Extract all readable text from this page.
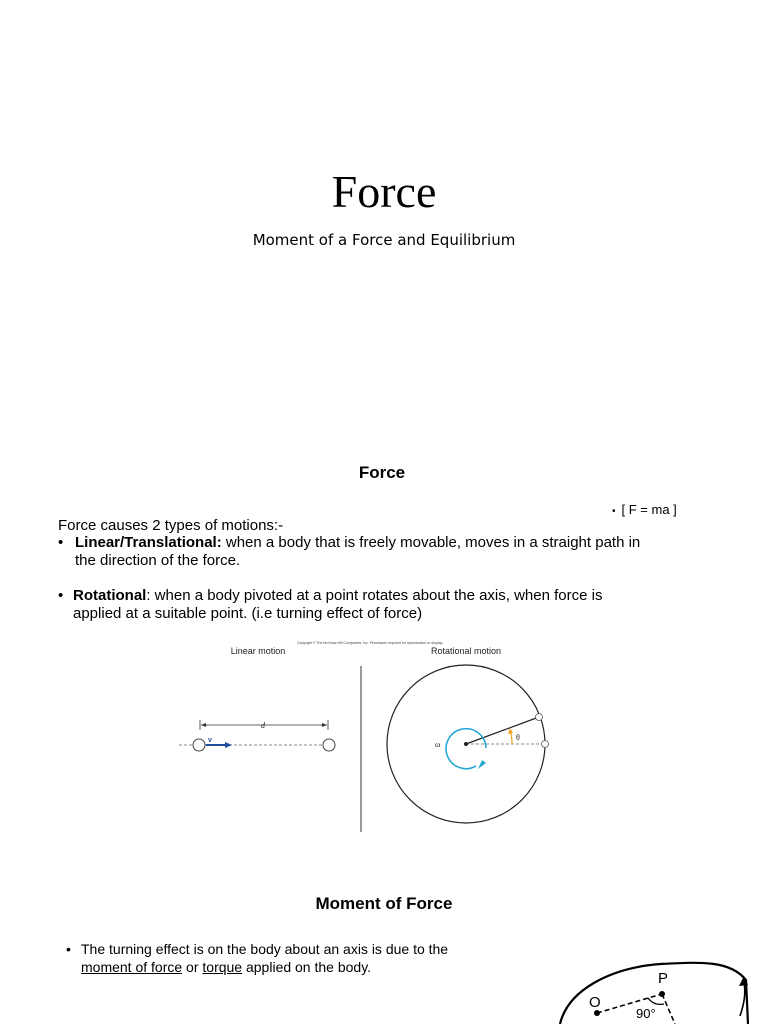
Force
Moment of a Force and Equilibrium
Force
• [ F = ma ]
Force causes 2 types of motions:-
• Linear/Translational: when a body that is freely movable, moves in a straight path in
the direction of the force.
• Rotational: when a body pivoted at a point rotates about the axis, when force is
applied at a suitable point. (i.e turning effect of force)
Copyright © The McGraw-Hill Companies, Inc. Permission required for reproduction or display.
Linear motion	Rotational motion
d
v	ω
θ
Moment of Force
• The turning effect is on the body about an axis is due to the
moment of force or torque applied on the body.
O
P
90°
